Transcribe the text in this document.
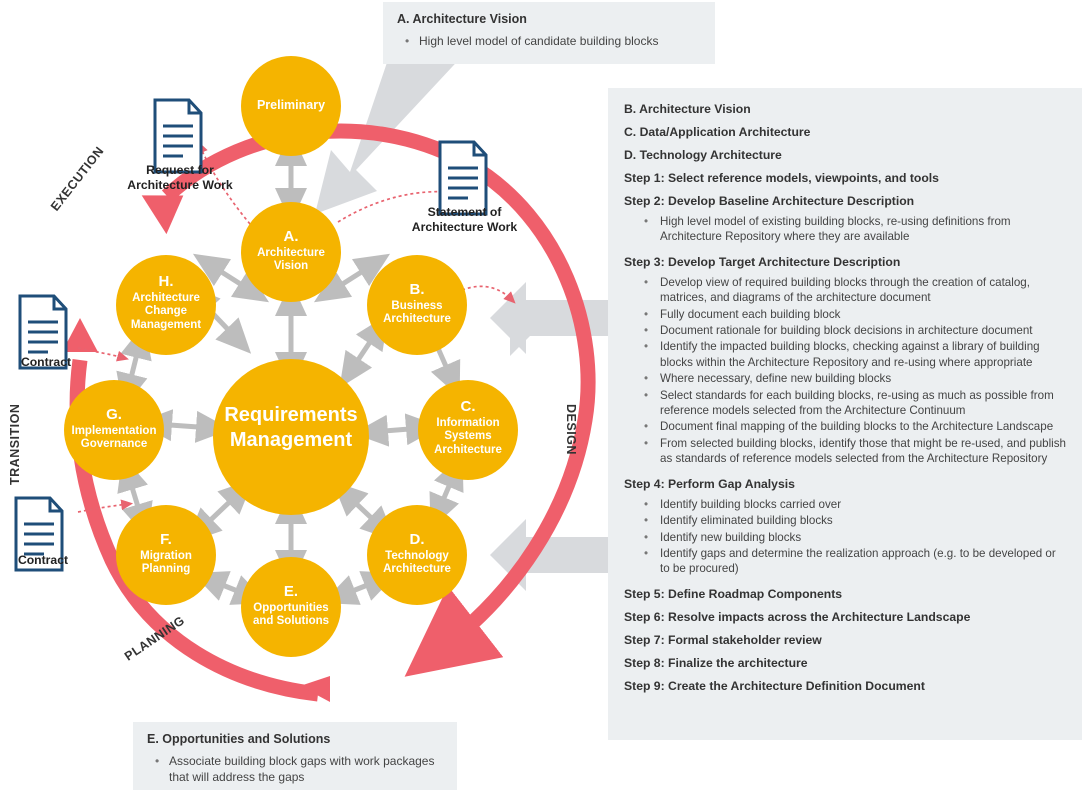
Preliminary
A.
Architecture
Vision
B.
Business
Architecture
C.
Information
Systems
Architecture
D.
Technology
Architecture
E.
Opportunities
and Solutions
F.
Migration
Planning
G.
Implementation
Governance
H.
Architecture
Change
Management
Requirements
Management
Request for
Architecture Work
Statement of
Architecture Work
Contract
Contract
EXECUTION
TRANSITION
PLANNING
DESIGN
A. Architecture Vision
• High level model of candidate building blocks
E. Opportunities and Solutions
• Associate building block gaps with work packages that will address the gaps
B. Architecture Vision
C. Data/Application Architecture
D. Technology Architecture
Step 1: Select reference models, viewpoints, and tools
Step 2: Develop Baseline Architecture Description
• High level model of existing building blocks, re-using definitions from Architecture Repository where they are available
Step 3: Develop Target Architecture Description
• Develop view of required building blocks through the creation of catalog, matrices, and diagrams of the architecture document
• Fully document each building block
• Document rationale for building block decisions in architecture document
• Identify the impacted building blocks, checking against a library of building blocks within the Architecture Repository and re-using where appropriate
• Where necessary, define new building blocks
• Select standards for each building blocks, re-using as much as possible from reference models selected from the Architecture Continuum
• Document final mapping of the building blocks to the Architecture Landscape
• From selected building blocks, identify those that might be re-used, and publish as standards of reference models selected from the Architecture Repository
Step 4: Perform Gap Analysis
• Identify building blocks carried over
• Identify eliminated building blocks
• Identify new building blocks
• Identify gaps and determine the realization approach (e.g. to be developed or to be procured)
Step 5: Define Roadmap Components
Step 6: Resolve impacts across the Architecture Landscape
Step 7: Formal stakeholder review
Step 8: Finalize the architecture
Step 9: Create the Architecture Definition Document
